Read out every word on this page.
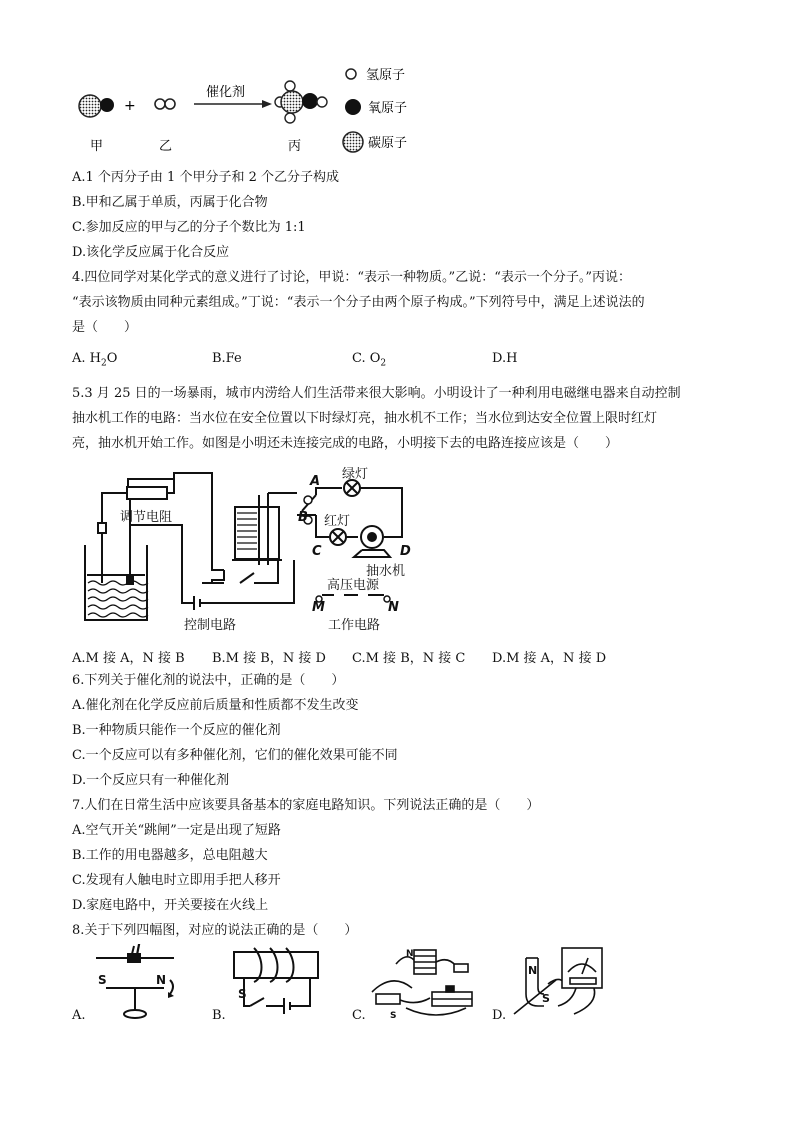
+
催化剂
甲	乙	丙
氢原子
氧原子
碳原子
A.1 个丙分子由 1 个甲分子和 2 个乙分子构成
B.甲和乙属于单质，丙属于化合物
C.参加反应的甲与乙的分子个数比为 1:1
D.该化学反应属于化合反应
4.四位同学对某化学式的意义进行了讨论，甲说：“表示一种物质。”乙说：“表示一个分子。”丙说：
“表示该物质由同种元素组成。”丁说：“表示一个分子由两个原子构成。”下列符号中，满足上述说法的
是（　　）
A. $H_2O$	B.Fe	C. $O_2$	D.H
5.3 月 25 日的一场暴雨，城市内涝给人们生活带来很大影响。小明设计了一种利用电磁继电器来自动控制
抽水机工作的电路：当水位在安全位置以下时绿灯亮，抽水机不工作；当水位到达安全位置上限时红灯
亮，抽水机开始工作。如图是小明还未连接完成的电路，小明接下去的电路连接应该是（　　）
调节电阻
控制电路	工作电路
绿灯
红灯
抽水机
高压电源
A
B
C	D
M	N
A.M 接 A，N 接 B B.M 接 B，N 接 D C.M 接 B，N 接 C D.M 接 A，N 接 D
6.下列关于催化剂的说法中，正确的是（　　）
A.催化剂在化学反应前后质量和性质都不发生改变
B.一种物质只能作一个反应的催化剂
C.一个反应可以有多种催化剂，它们的催化效果可能不同
D.一个反应只有一种催化剂
7.人们在日常生活中应该要具备基本的家庭电路知识。下列说法正确的是（　　）
A.空气开关“跳闸”一定是出现了短路
B.工作的用电器越多，总电阻越大
C.发现有人触电时立即用手把人移开
D.家庭电路中，开关要接在火线上
8.关于下列四幅图，对应的说法正确的是（　　）
I
S	N
S
N
S
N
S
A.	B.	C.	D.
